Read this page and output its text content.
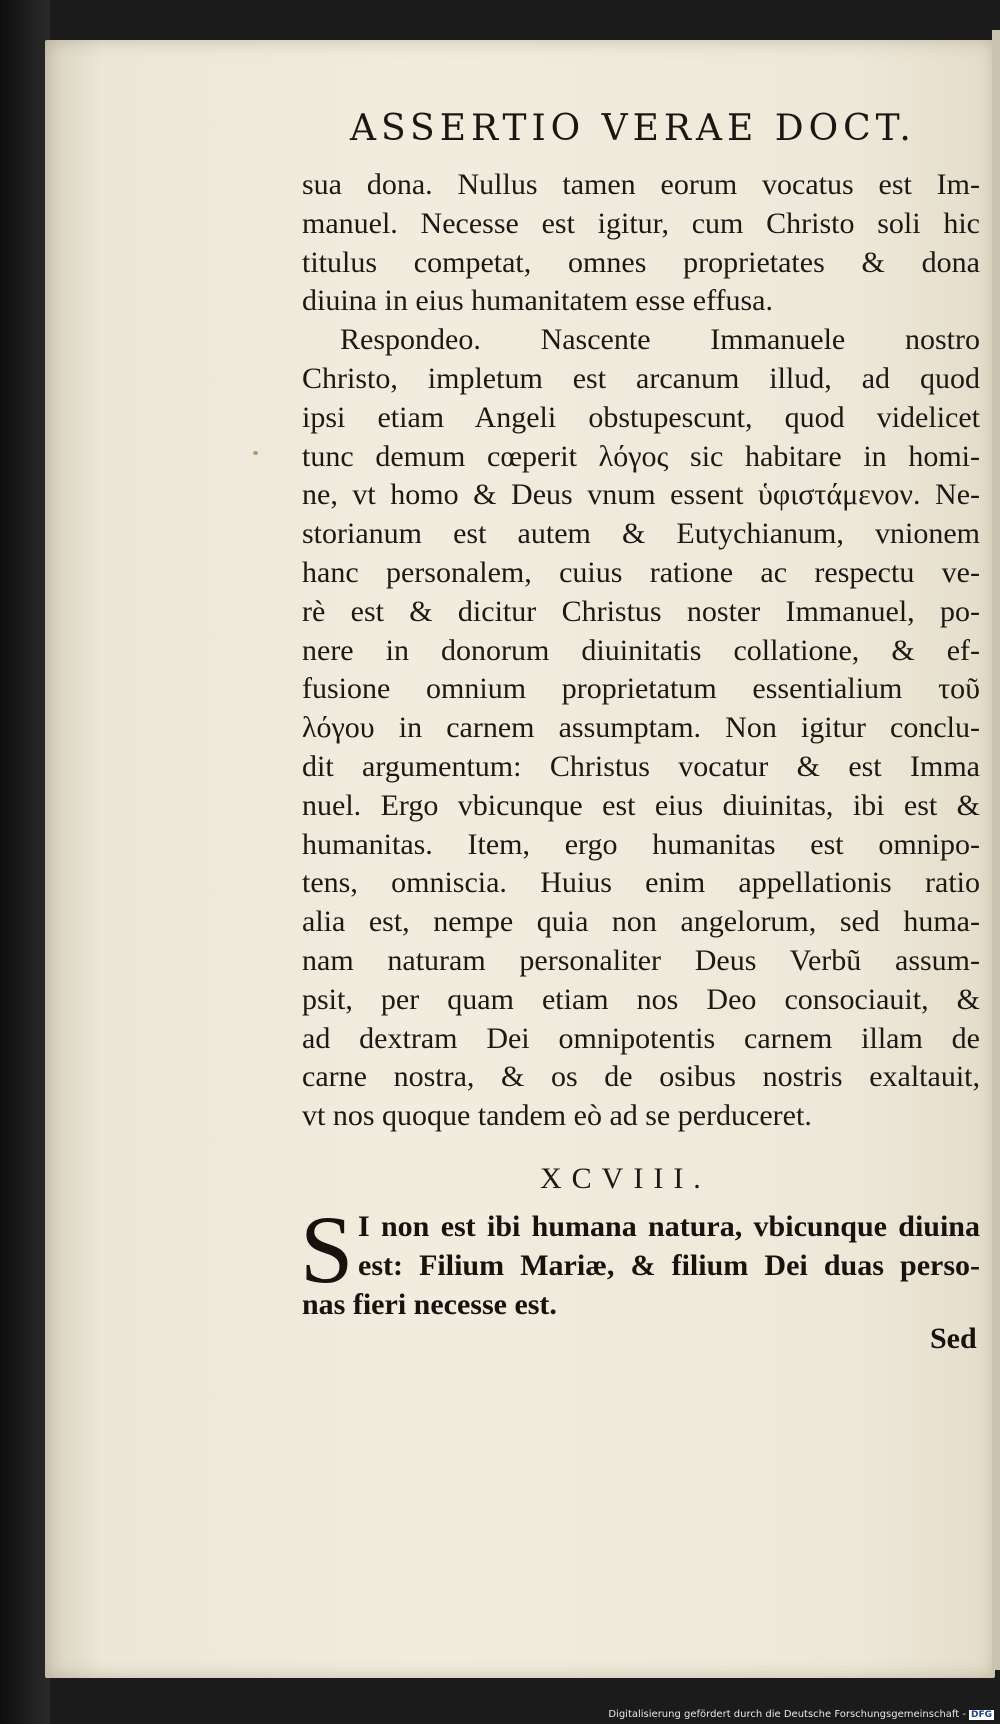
ASSERTIO VERAE DOCT.
sua dona. Nullus tamen eorum vocatus est Im-
manuel. Necesse est igitur, cum Christo soli hic
titulus competat, omnes proprietates & dona
diuina in eius humanitatem esse effusa.
Respondeo. Nascente Immanuele nostro
Christo, impletum est arcanum illud, ad quod
ipsi etiam Angeli obstupescunt, quod videlicet
tunc demum cœperit λόγος sic habitare in homi-
ne, vt homo & Deus vnum essent ὑφιστάμενον. Ne-
storianum est autem & Eutychianum, vnionem
hanc personalem, cuius ratione ac respectu ve-
rè est & dicitur Christus noster Immanuel, po-
nere in donorum diuinitatis collatione, & ef-
fusione omnium proprietatum essentialium τοῦ
λόγου in carnem assumptam. Non igitur conclu-
dit argumentum: Christus vocatur & est Imma
nuel. Ergo vbicunque est eius diuinitas, ibi est &
humanitas. Item, ergo humanitas est omnipo-
tens, omniscia. Huius enim appellationis ratio
alia est, nempe quia non angelorum, sed huma-
nam naturam personaliter Deus Verbũ assum-
psit, per quam etiam nos Deo consociauit, &
ad dextram Dei omnipotentis carnem illam de
carne nostra, & os de osibus nostris exaltauit,
vt nos quoque tandem eò ad se perduceret.
XCVIII.
S I non est ibi humana natura, vbicunque diuina
est: Filium Mariæ, & filium Dei duas perso-
nas fieri necesse est.
Sed
Digitalisierung gefördert durch die Deutsche Forschungsgemeinschaft - DFG
